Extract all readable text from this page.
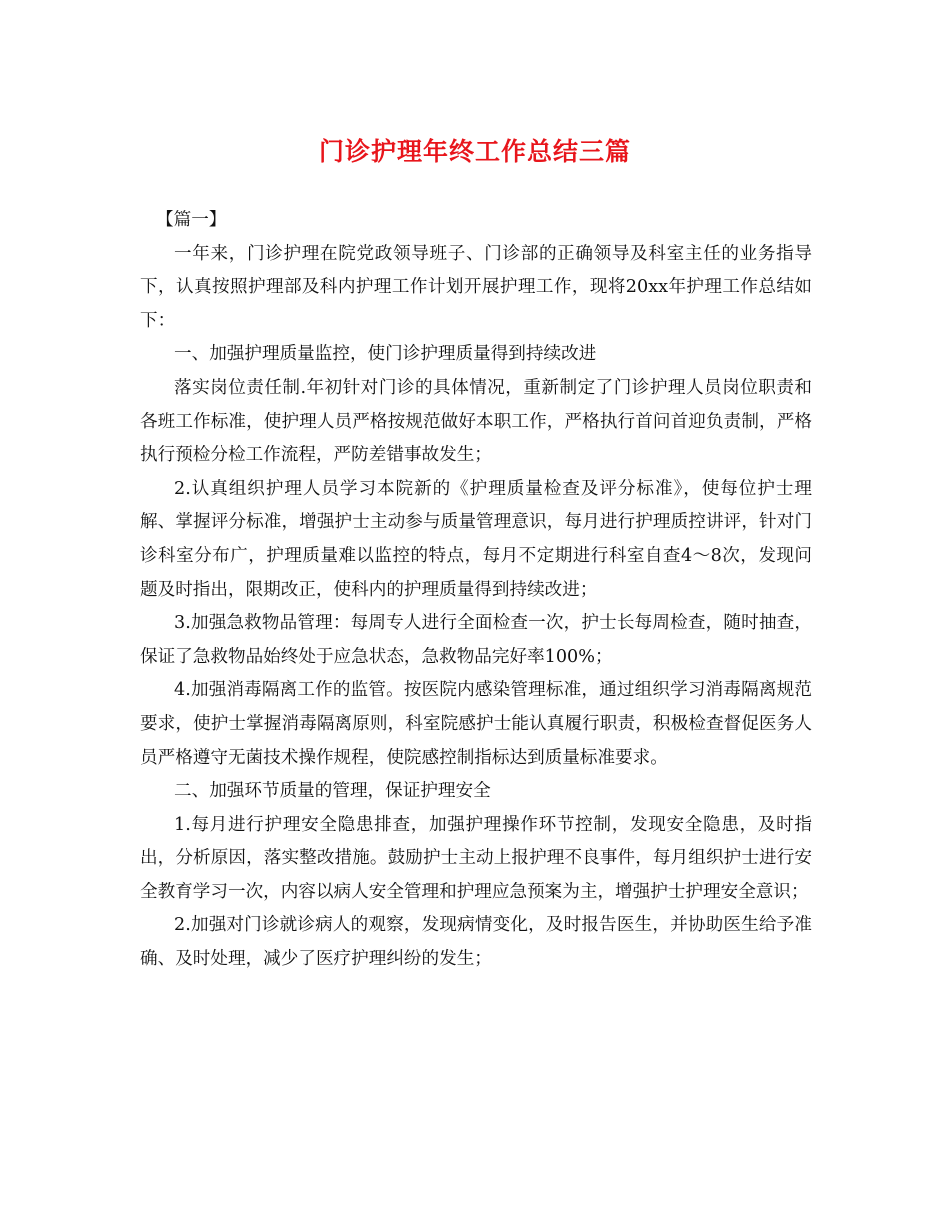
门诊护理年终工作总结三篇

【篇一】

一年来，门诊护理在院党政领导班子、门诊部的正确领导及科室主任的业务指导下，认真按照护理部及科内护理工作计划开展护理工作，现将20xx年护理工作总结如下：

一、加强护理质量监控，使门诊护理质量得到持续改进

落实岗位责任制.年初针对门诊的具体情况，重新制定了门诊护理人员岗位职责和各班工作标准，使护理人员严格按规范做好本职工作，严格执行首问首迎负责制，严格执行预检分检工作流程，严防差错事故发生；

2.认真组织护理人员学习本院新的《护理质量检查及评分标准》，使每位护士理解、掌握评分标准，增强护士主动参与质量管理意识，每月进行护理质控讲评，针对门诊科室分布广，护理质量难以监控的特点，每月不定期进行科室自查4～8次，发现问题及时指出，限期改正，使科内的护理质量得到持续改进；

3.加强急救物品管理：每周专人进行全面检查一次，护士长每周检查，随时抽查，保证了急救物品始终处于应急状态，急救物品完好率100%；

4.加强消毒隔离工作的监管。按医院内感染管理标准，通过组织学习消毒隔离规范要求，使护士掌握消毒隔离原则，科室院感护士能认真履行职责，积极检查督促医务人员严格遵守无菌技术操作规程，使院感控制指标达到质量标准要求。

二、加强环节质量的管理，保证护理安全

1.每月进行护理安全隐患排查，加强护理操作环节控制，发现安全隐患，及时指出，分析原因，落实整改措施。鼓励护士主动上报护理不良事件，每月组织护士进行安全教育学习一次，内容以病人安全管理和护理应急预案为主，增强护士护理安全意识；

2.加强对门诊就诊病人的观察，发现病情变化，及时报告医生，并协助医生给予准确、及时处理，减少了医疗护理纠纷的发生；
